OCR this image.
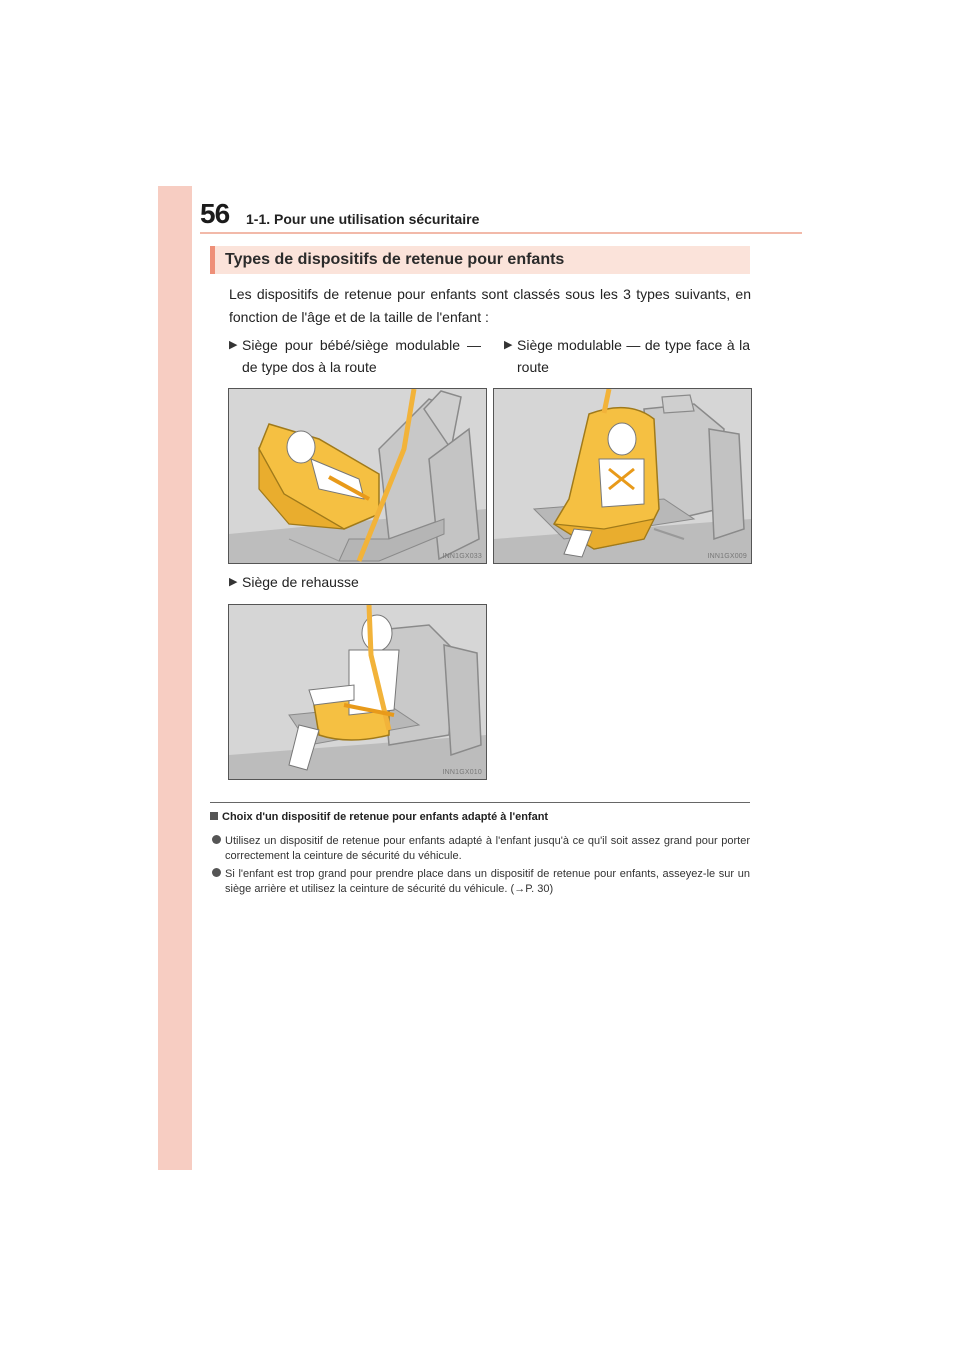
56 1-1. Pour une utilisation sécuritaire
Types de dispositifs de retenue pour enfants
Les dispositifs de retenue pour enfants sont classés sous les 3 types suivants, en fonction de l'âge et de la taille de l'enfant :
▶ Siège pour bébé/siège modulable — de type dos à la route
▶ Siège modulable — de type face à la route
INN1GX033	INN1GX009
▶ Siège de rehausse
INN1GX010
Choix d'un dispositif de retenue pour enfants adapté à l'enfant
Utilisez un dispositif de retenue pour enfants adapté à l'enfant jusqu'à ce qu'il soit assez grand pour porter correctement la ceinture de sécurité du véhicule.
Si l'enfant est trop grand pour prendre place dans un dispositif de retenue pour enfants, asseyez-le sur un siège arrière et utilisez la ceinture de sécurité du véhicule. (→P. 30)
